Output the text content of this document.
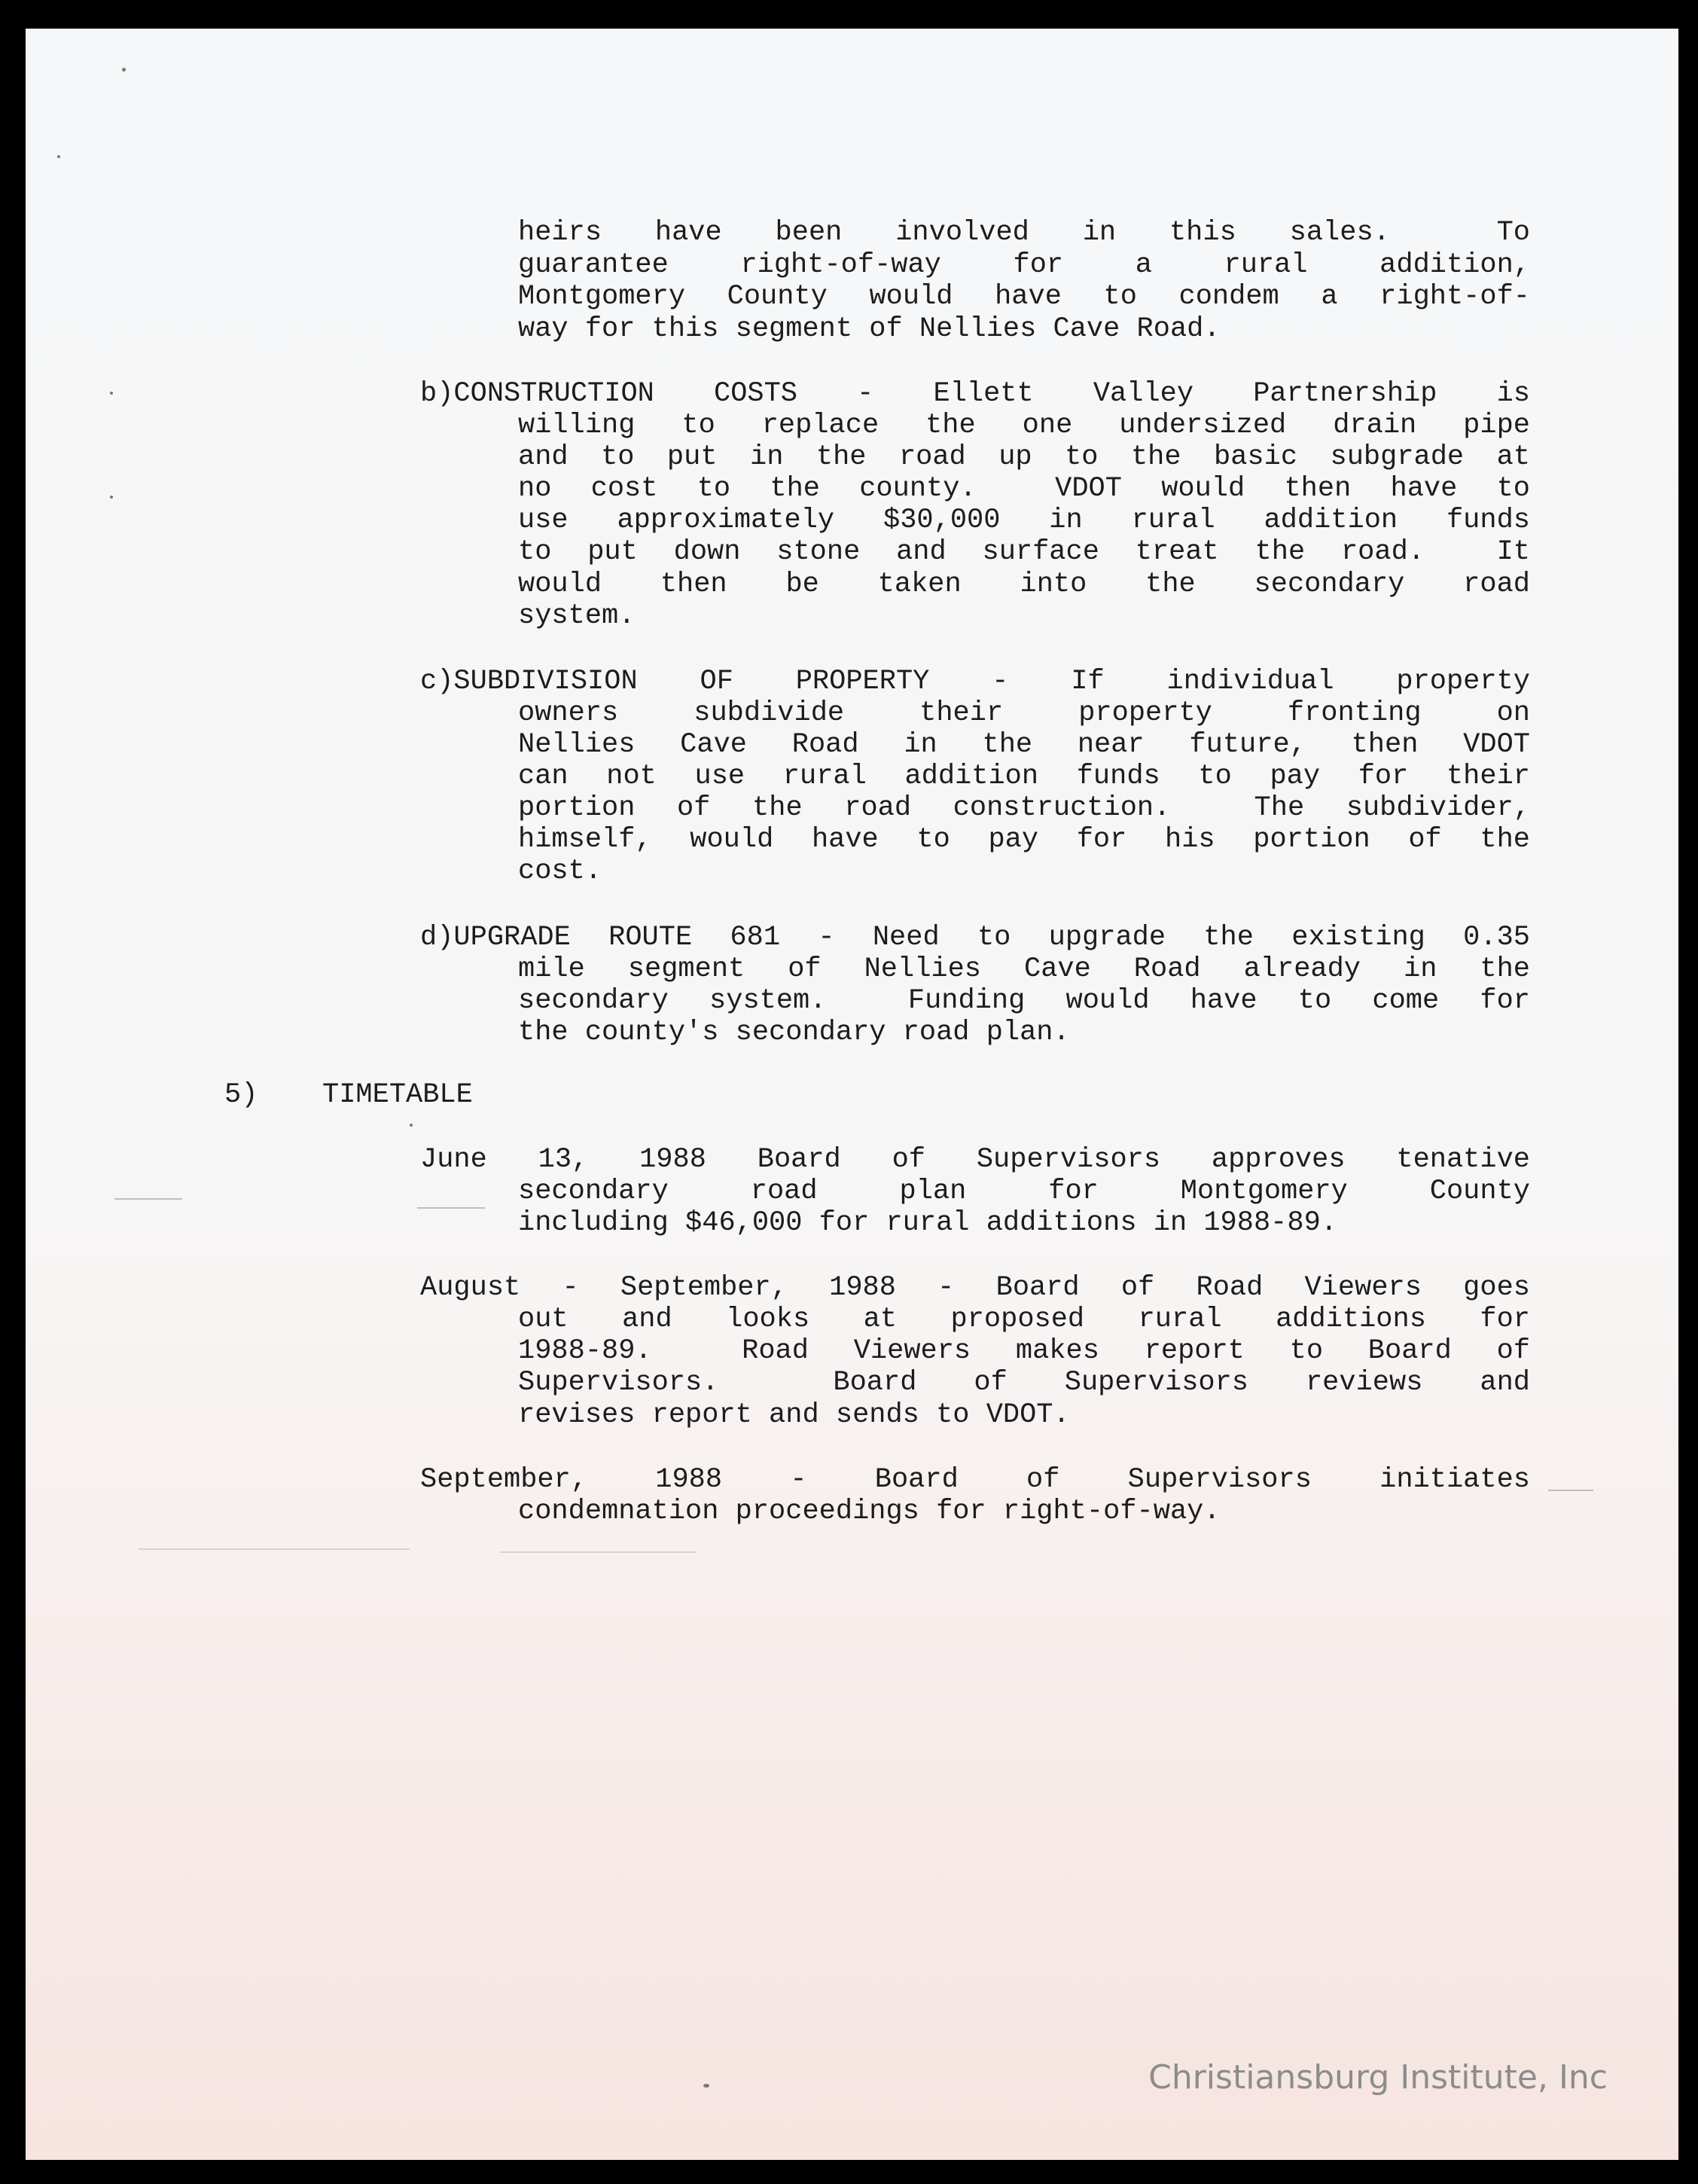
heirs have been involved in this sales.  To
guarantee right-of-way for a rural addition,
Montgomery County would have to condem a right-of-
way for this segment of Nellies Cave Road.
b)CONSTRUCTION COSTS - Ellett Valley Partnership is
willing to replace the one undersized drain pipe
and to put in the road up to the basic subgrade at
no cost to the county.  VDOT would then have to
use approximately $30,000 in rural addition funds
to put down stone and surface treat the road.  It
would then be taken into the secondary road
system.
c)SUBDIVISION OF PROPERTY - If individual property
owners subdivide their property fronting on
Nellies Cave Road in the near future, then VDOT
can not use rural addition funds to pay for their
portion of the road construction.  The subdivider,
himself, would have to pay for his portion of the
cost.
d)UPGRADE ROUTE 681 - Need to upgrade the existing 0.35
mile segment of Nellies Cave Road already in the
secondary system.  Funding would have to come for
the county's secondary road plan.
5) TIMETABLE
June 13, 1988 Board of Supervisors approves tenative
secondary road plan for Montgomery County
including $46,000 for rural additions in 1988-89.
August - September, 1988 - Board of Road Viewers goes
out and looks at proposed rural additions for
1988-89.  Road Viewers makes report to Board of
Supervisors.  Board of Supervisors reviews and
revises report and sends to VDOT.
September, 1988 - Board of Supervisors initiates
condemnation proceedings for right-of-way.
Christiansburg Institute, Inc
